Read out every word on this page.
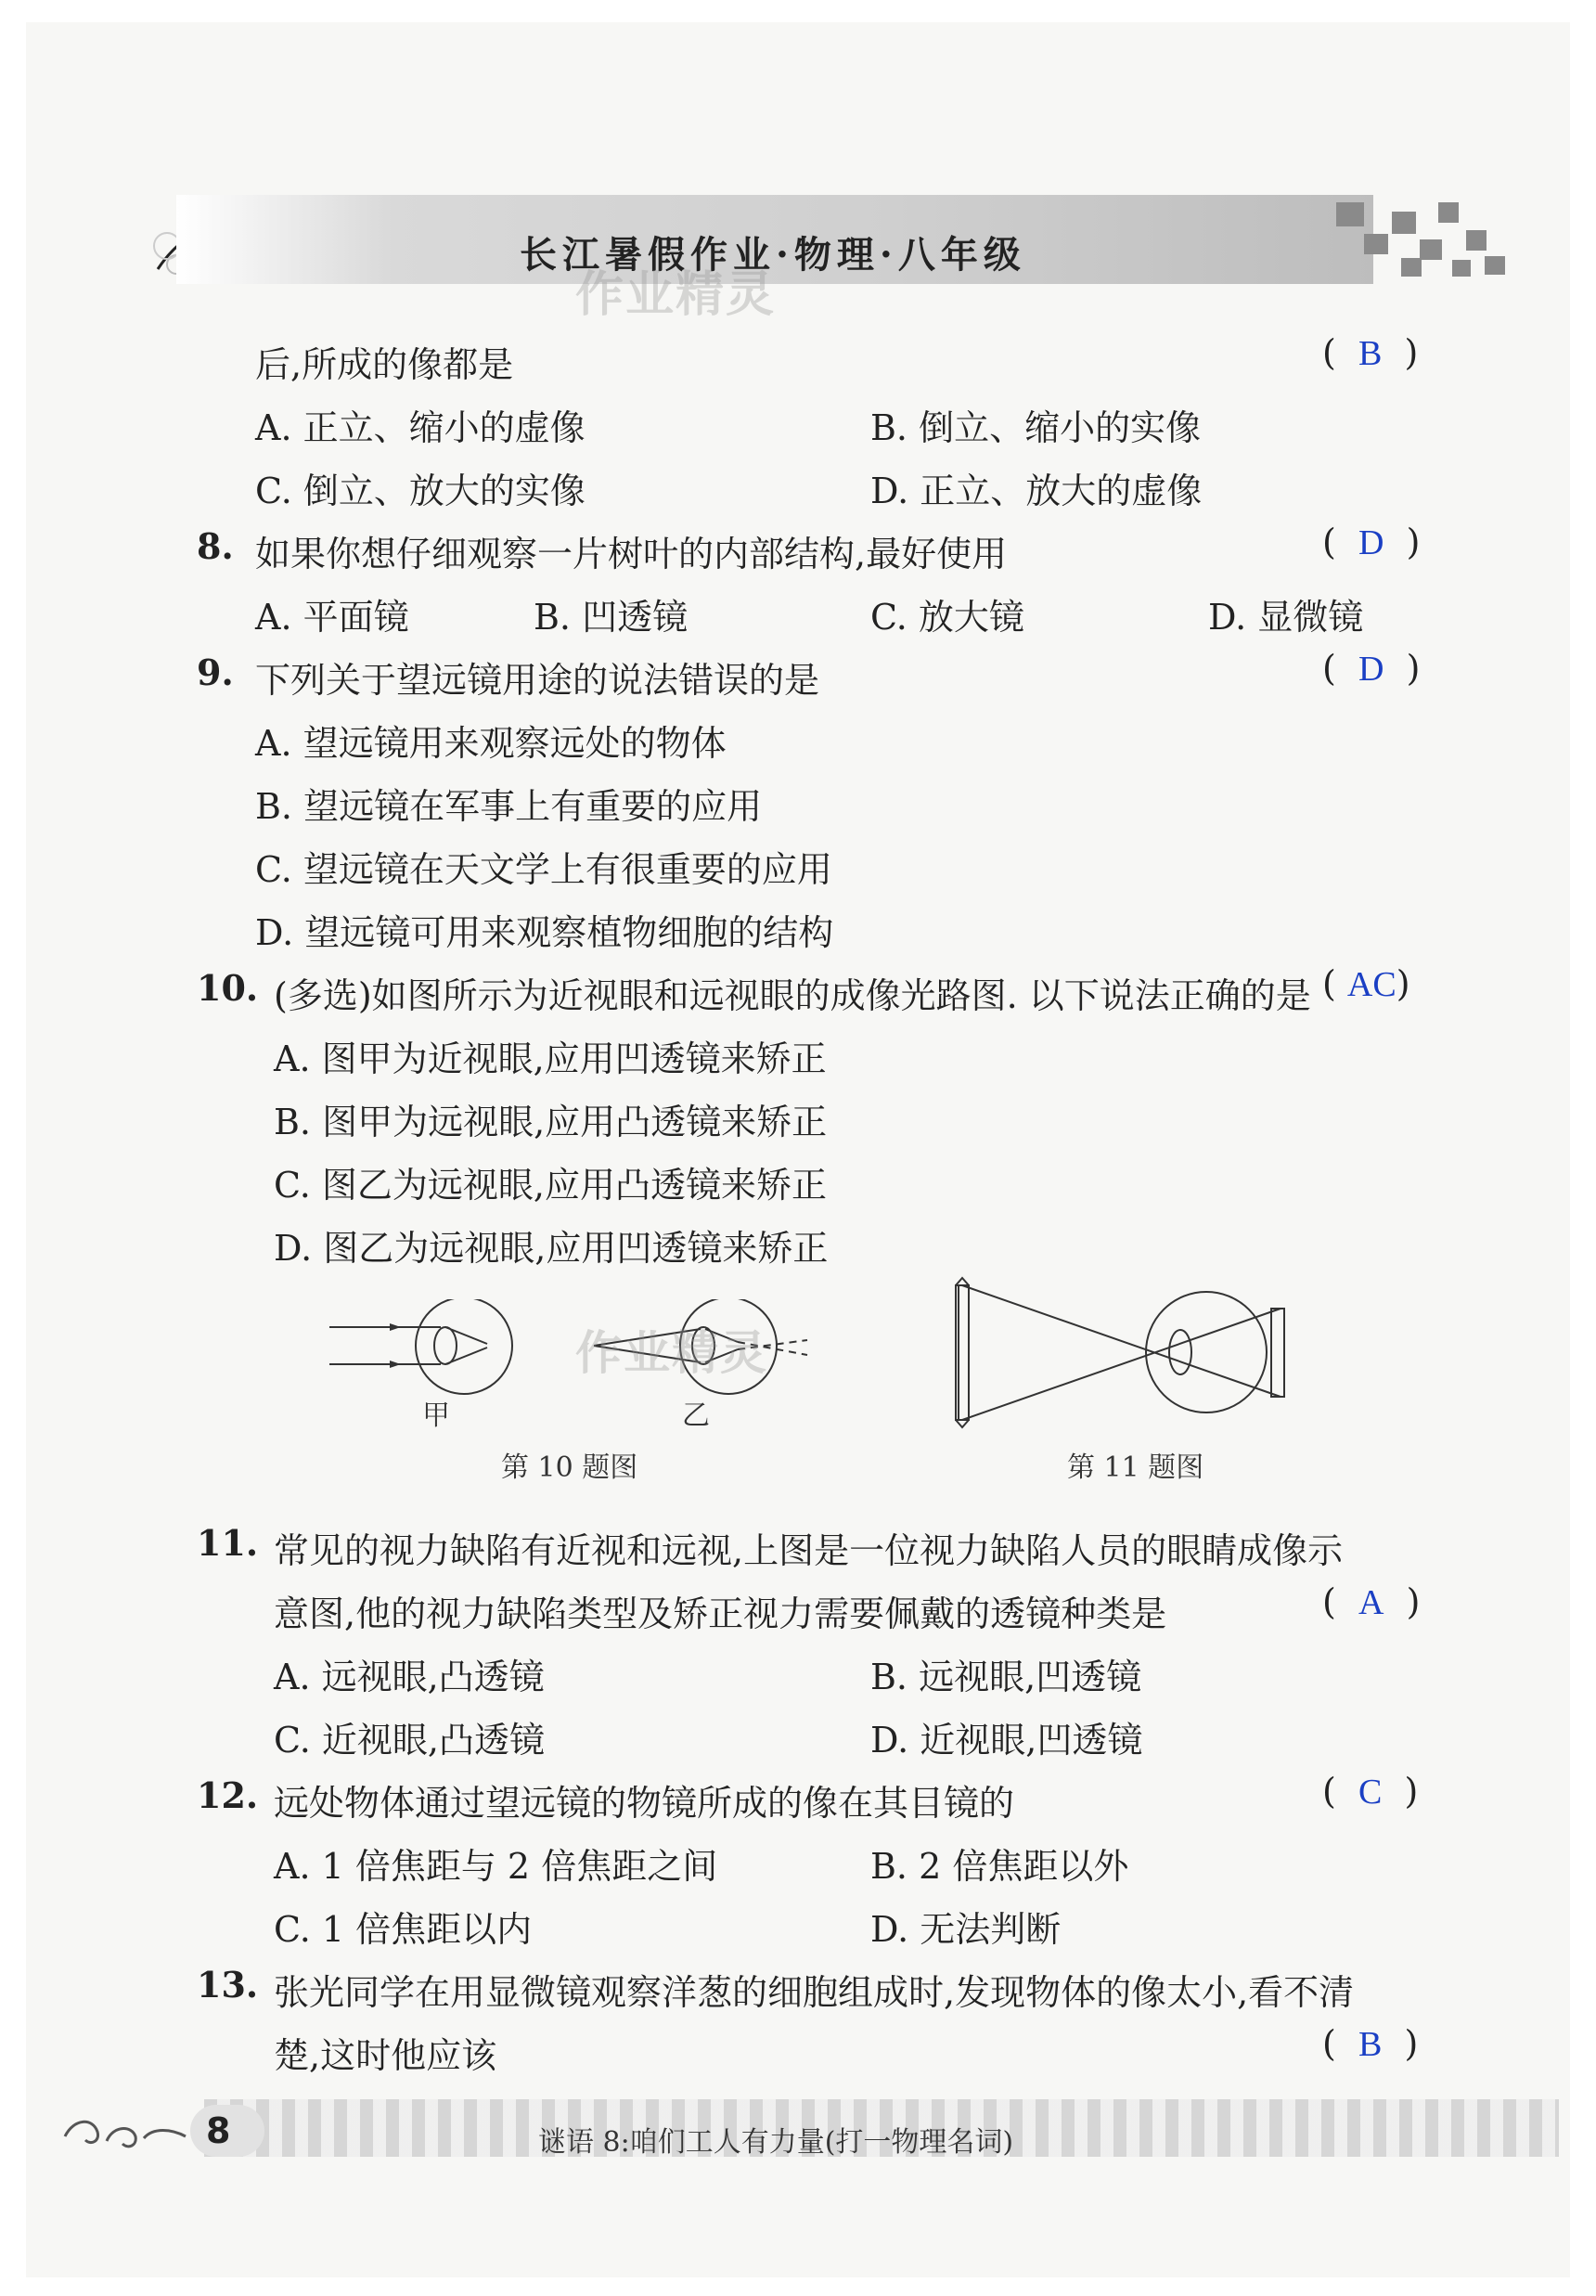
长江暑假作业·物理·八年级
作业精灵
后,所成的像都是	(  B  )
A. 正立、缩小的虚像	B. 倒立、缩小的实像
C. 倒立、放大的实像	D. 正立、放大的虚像
8. 如果你想仔细观察一片树叶的内部结构,最好使用	(  D  )
A. 平面镜	B. 凹透镜	C. 放大镜	D. 显微镜
9. 下列关于望远镜用途的说法错误的是	(  D  )
A. 望远镜用来观察远处的物体
B. 望远镜在军事上有重要的应用
C. 望远镜在天文学上有很重要的应用
D. 望远镜可用来观察植物细胞的结构
10. (多选)如图所示为近视眼和远视眼的成像光路图. 以下说法正确的是 ( AC)
A. 图甲为近视眼,应用凹透镜来矫正
B. 图甲为远视眼,应用凸透镜来矫正
C. 图乙为远视眼,应用凸透镜来矫正
D. 图乙为远视眼,应用凹透镜来矫正
甲	乙
第 10 题图
作业精灵
第 11 题图
11. 常见的视力缺陷有近视和远视,上图是一位视力缺陷人员的眼睛成像示
意图,他的视力缺陷类型及矫正视力需要佩戴的透镜种类是	(  A  )
A. 远视眼,凸透镜	B. 远视眼,凹透镜
C. 近视眼,凸透镜	D. 近视眼,凹透镜
12. 远处物体通过望远镜的物镜所成的像在其目镜的	(  C  )
A. 1 倍焦距与 2 倍焦距之间	B. 2 倍焦距以外
C. 1 倍焦距以内	D. 无法判断
13. 张光同学在用显微镜观察洋葱的细胞组成时,发现物体的像太小,看不清
楚,这时他应该	(  B  )
8	谜语 8:咱们工人有力量(打一物理名词)
